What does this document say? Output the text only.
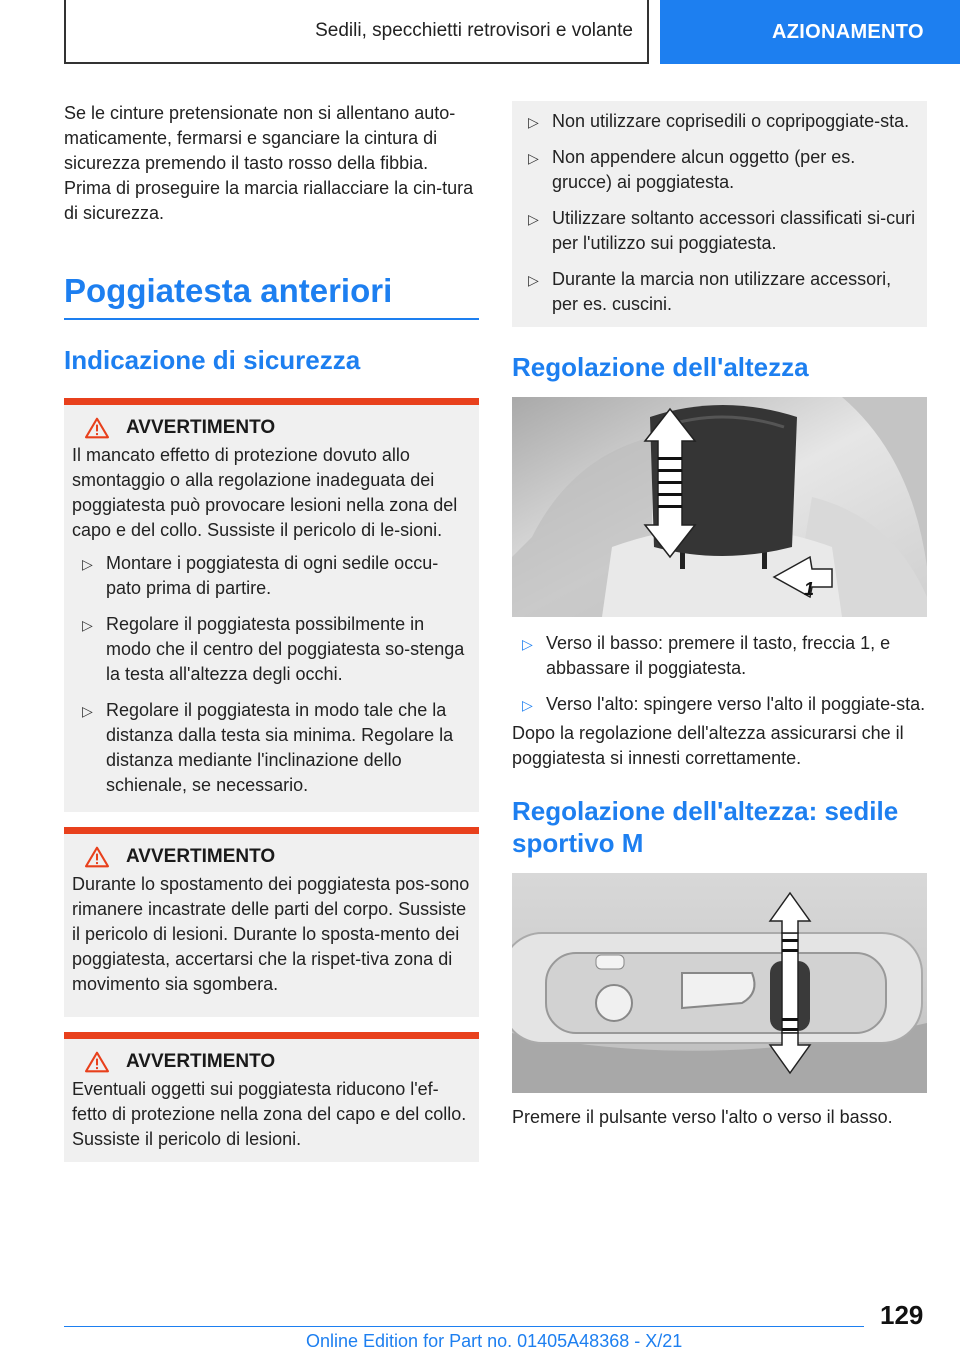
Sedili, specchietti retrovisori e volante	AZIONAMENTO
Se le cinture pretensionate non si allentano auto-maticamente, fermarsi e sganciare la cintura di sicurezza premendo il tasto rosso della fibbia. Prima di proseguire la marcia riallacciare la cin-tura di sicurezza.
Poggiatesta anteriori
Indicazione di sicurezza
AVVERTIMENTO

Il mancato effetto di protezione dovuto allo smontaggio o alla regolazione inadeguata dei poggiatesta può provocare lesioni nella zona del capo e del collo. Sussiste il pericolo di le-sioni.

▷ Montare i poggiatesta di ogni sedile occu-pato prima di partire.
▷ Regolare il poggiatesta possibilmente in modo che il centro del poggiatesta so-stenga la testa all'altezza degli occhi.
▷ Regolare il poggiatesta in modo tale che la distanza dalla testa sia minima. Regolare la distanza mediante l'inclinazione dello schienale, se necessario.
AVVERTIMENTO

Durante lo spostamento dei poggiatesta pos-sono rimanere incastrate delle parti del corpo. Sussiste il pericolo di lesioni. Durante lo sposta-mento dei poggiatesta, accertarsi che la rispet-tiva zona di movimento sia sgombera.

AVVERTIMENTO

Eventuali oggetti sui poggiatesta riducono l'ef-fetto di protezione nella zona del capo e del collo. Sussiste il pericolo di lesioni.

▷ Non utilizzare coprisedili o copripoggiate-sta.
▷ Non appendere alcun oggetto (per es. grucce) ai poggiatesta.
▷ Utilizzare soltanto accessori classificati si-curi per l'utilizzo sui poggiatesta.
▷ Durante la marcia non utilizzare accessori, per es. cuscini.
Regolazione dell'altezza
1
▷ Verso il basso: premere il tasto, freccia 1, e abbassare il poggiatesta.
▷ Verso l'alto: spingere verso l'alto il poggiate-sta.
Dopo la regolazione dell'altezza assicurarsi che il poggiatesta si innesti correttamente.
Regolazione dell'altezza: sedile
sportivo M
Premere il pulsante verso l'alto o verso il basso.
129
Online Edition for Part no. 01405A48368 - X/21
